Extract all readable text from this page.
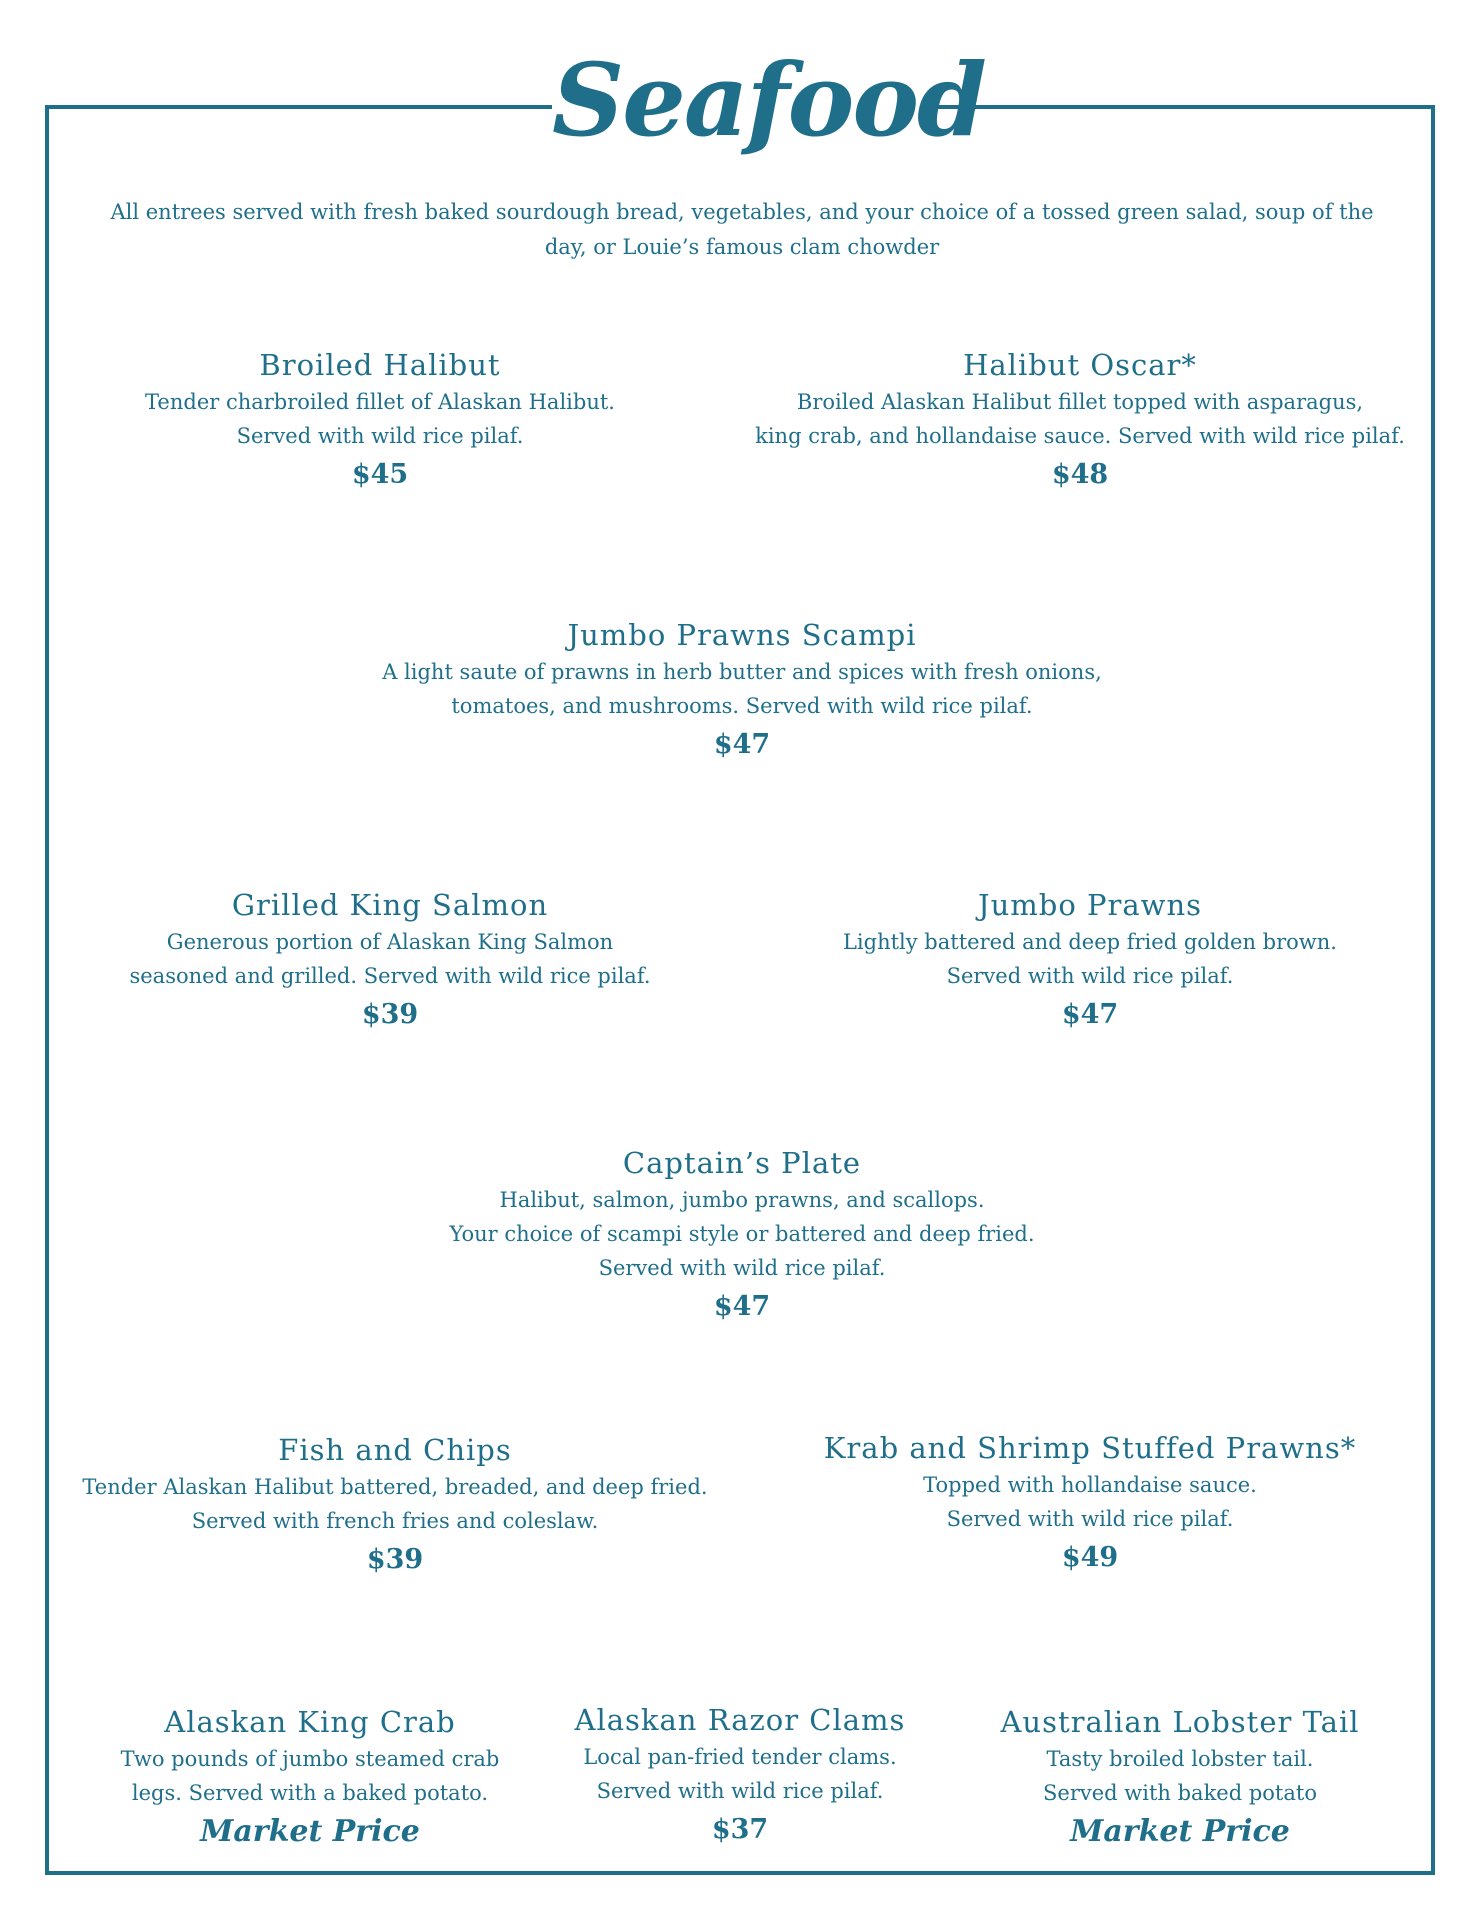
Seafood
All entrees served with fresh baked sourdough bread, vegetables, and your choice of a tossed green salad, soup of the day, or Louie’s famous clam chowder
Broiled Halibut
Tender charbroiled fillet of Alaskan Halibut.
Served with wild rice pilaf.
$45
Halibut Oscar*
Broiled Alaskan Halibut fillet topped with asparagus,
king crab, and hollandaise sauce. Served with wild rice pilaf.
$48
Jumbo Prawns Scampi
A light saute of prawns in herb butter and spices with fresh onions,
tomatoes, and mushrooms. Served with wild rice pilaf.
$47
Grilled King Salmon
Generous portion of Alaskan King Salmon
seasoned and grilled. Served with wild rice pilaf.
$39
Jumbo Prawns
Lightly battered and deep fried golden brown.
Served with wild rice pilaf.
$47
Captain’s Plate
Halibut, salmon, jumbo prawns, and scallops.
Your choice of scampi style or battered and deep fried.
Served with wild rice pilaf.
$47
Fish and Chips
Tender Alaskan Halibut battered, breaded, and deep fried.
Served with french fries and coleslaw.
$39
Krab and Shrimp Stuffed Prawns*
Topped with hollandaise sauce.
Served with wild rice pilaf.
$49
Alaskan King Crab
Two pounds of jumbo steamed crab
legs. Served with a baked potato.
Market Price
Alaskan Razor Clams
Local pan-fried tender clams.
Served with wild rice pilaf.
$37
Australian Lobster Tail
Tasty broiled lobster tail.
Served with baked potato
Market Price
